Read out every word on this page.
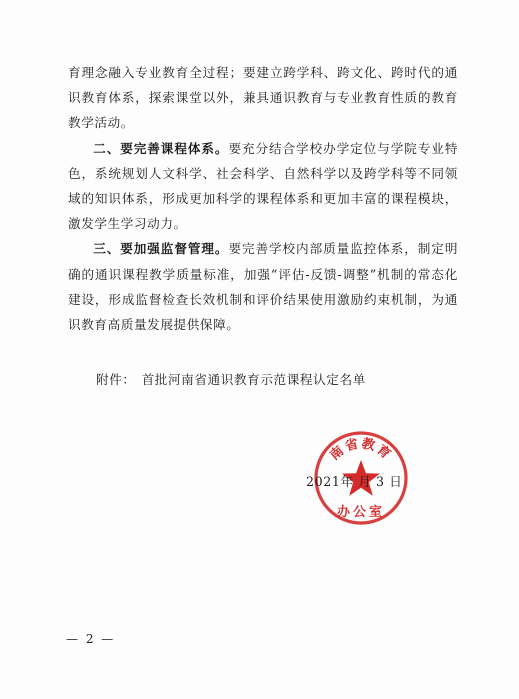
育理念融入专业教育全过程；要建立跨学科、跨文化、跨时代的通识教育体系，探索课堂以外，兼具通识教育与专业教育性质的教育教学活动。

二、要完善课程体系。要充分结合学校办学定位与学院专业特色，系统规划人文科学、社会科学、自然科学以及跨学科等不同领域的知识体系，形成更加科学的课程体系和更加丰富的课程模块，激发学生学习动力。

三、要加强监督管理。要完善学校内部质量监控体系，制定明确的通识课程教学质量标准，加强“评估-反馈-调整”机制的常态化建设，形成监督检查长效机制和评价结果使用激励约束机制，为通识教育高质量发展提供保障。

附件： 首批河南省通识教育示范课程认定名单
南省教育
办公室
2021年 月 3 日
— 2 —
